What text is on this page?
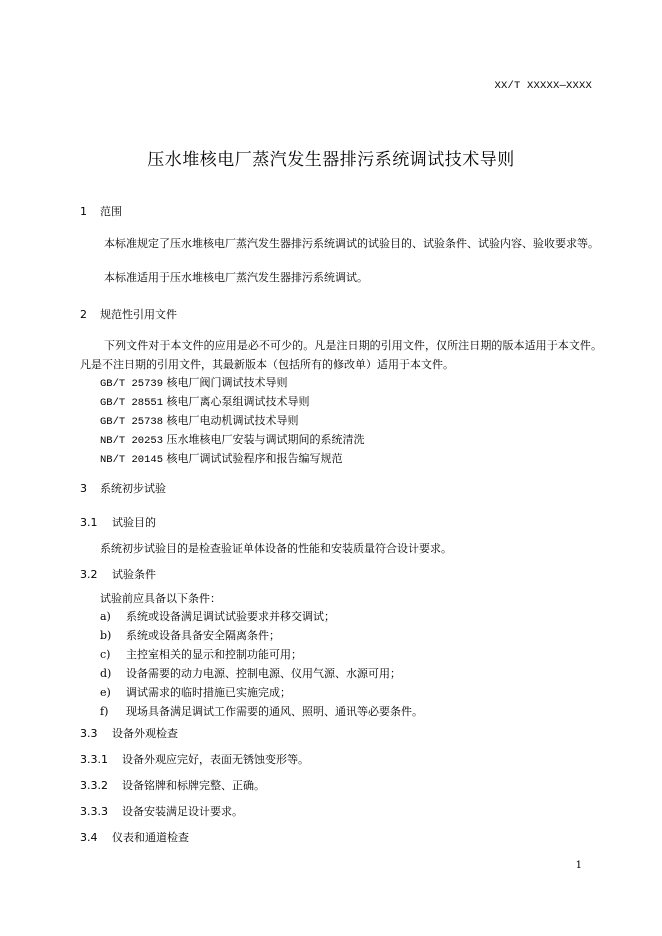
XX/T XXXXX—XXXX
压水堆核电厂蒸汽发生器排污系统调试技术导则
1 范围
本标准规定了压水堆核电厂蒸汽发生器排污系统调试的试验目的、试验条件、试验内容、验收要求等。
本标准适用于压水堆核电厂蒸汽发生器排污系统调试。
2 规范性引用文件
下列文件对于本文件的应用是必不可少的。凡是注日期的引用文件，仅所注日期的版本适用于本文件。凡是不注日期的引用文件，其最新版本（包括所有的修改单）适用于本文件。
GB/T 25739 核电厂阀门调试技术导则
GB/T 28551 核电厂离心泵组调试技术导则
GB/T 25738 核电厂电动机调试技术导则
NB/T 20253 压水堆核电厂安装与调试期间的系统清洗
NB/T 20145 核电厂调试试验程序和报告编写规范
3 系统初步试验
3.1 试验目的
系统初步试验目的是检查验证单体设备的性能和安装质量符合设计要求。
3.2 试验条件
试验前应具备以下条件：
a) 系统或设备满足调试试验要求并移交调试；
b) 系统或设备具备安全隔离条件；
c) 主控室相关的显示和控制功能可用；
d) 设备需要的动力电源、控制电源、仪用气源、水源可用；
e) 调试需求的临时措施已实施完成；
f) 现场具备满足调试工作需要的通风、照明、通讯等必要条件。
3.3 设备外观检查
3.3.1 设备外观应完好，表面无锈蚀变形等。
3.3.2 设备铭牌和标牌完整、正确。
3.3.3 设备安装满足设计要求。
3.4 仪表和通道检查
1
